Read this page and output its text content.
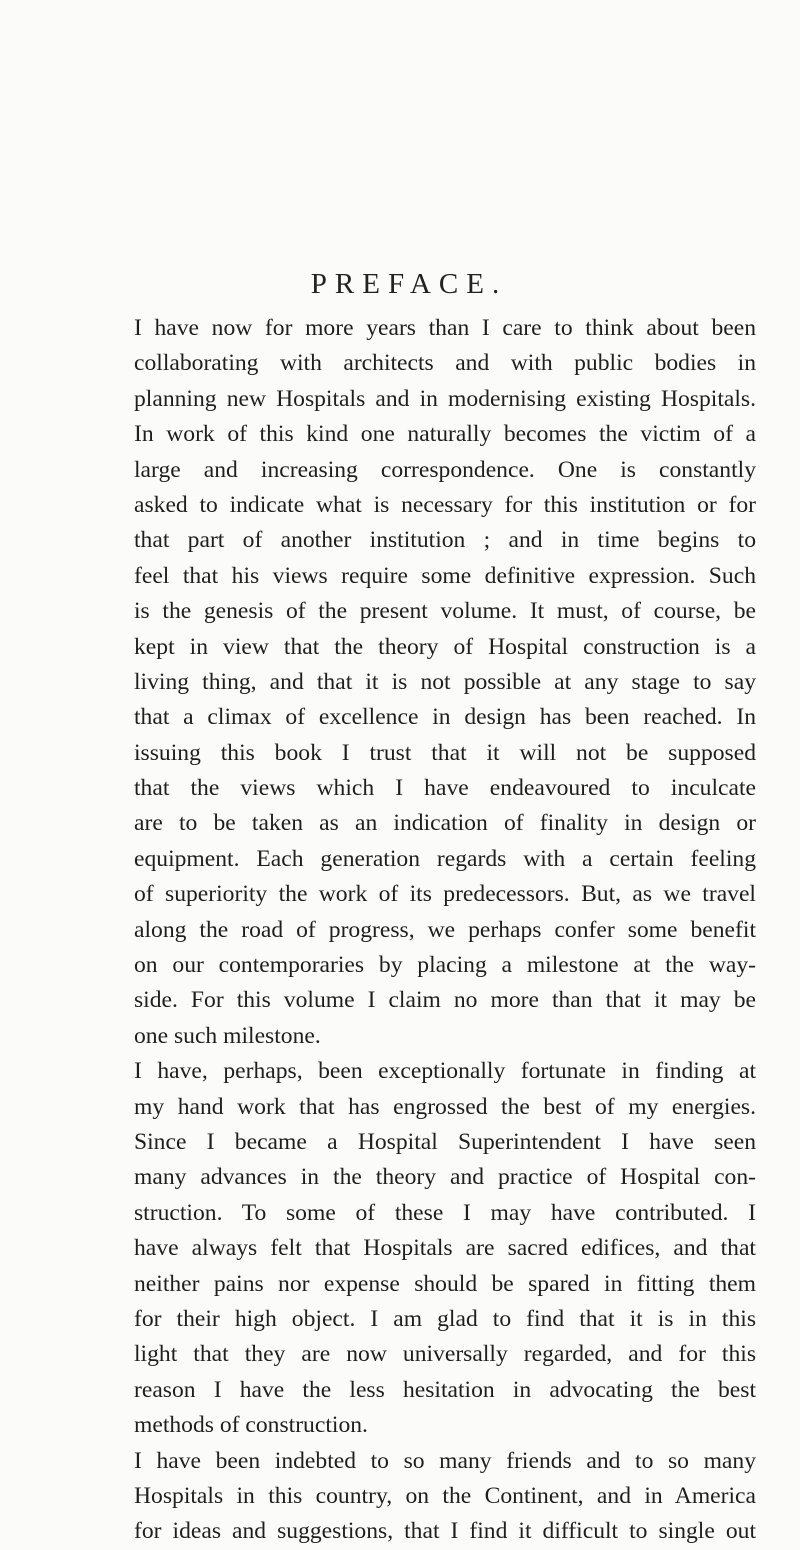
PREFACE.
I have now for more years than I care to think about been
collaborating with architects and with public bodies in
planning new Hospitals and in modernising existing Hospitals.
In work of this kind one naturally becomes the victim of a
large and increasing correspondence. One is constantly
asked to indicate what is necessary for this institution or for
that part of another institution ; and in time begins to
feel that his views require some definitive expression. Such
is the genesis of the present volume. It must, of course, be
kept in view that the theory of Hospital construction is a
living thing, and that it is not possible at any stage to say
that a climax of excellence in design has been reached. In
issuing this book I trust that it will not be supposed
that the views which I have endeavoured to inculcate
are to be taken as an indication of finality in design or
equipment. Each generation regards with a certain feeling
of superiority the work of its predecessors. But, as we travel
along the road of progress, we perhaps confer some benefit
on our contemporaries by placing a milestone at the way-
side. For this volume I claim no more than that it may be
one such milestone.
I have, perhaps, been exceptionally fortunate in finding at
my hand work that has engrossed the best of my energies.
Since I became a Hospital Superintendent I have seen
many advances in the theory and practice of Hospital con-
struction. To some of these I may have contributed. I
have always felt that Hospitals are sacred edifices, and that
neither pains nor expense should be spared in fitting them
for their high object. I am glad to find that it is in this
light that they are now universally regarded, and for this
reason I have the less hesitation in advocating the best
methods of construction.
I have been indebted to so many friends and to so many
Hospitals in this country, on the Continent, and in America
for ideas and suggestions, that I find it difficult to single out
